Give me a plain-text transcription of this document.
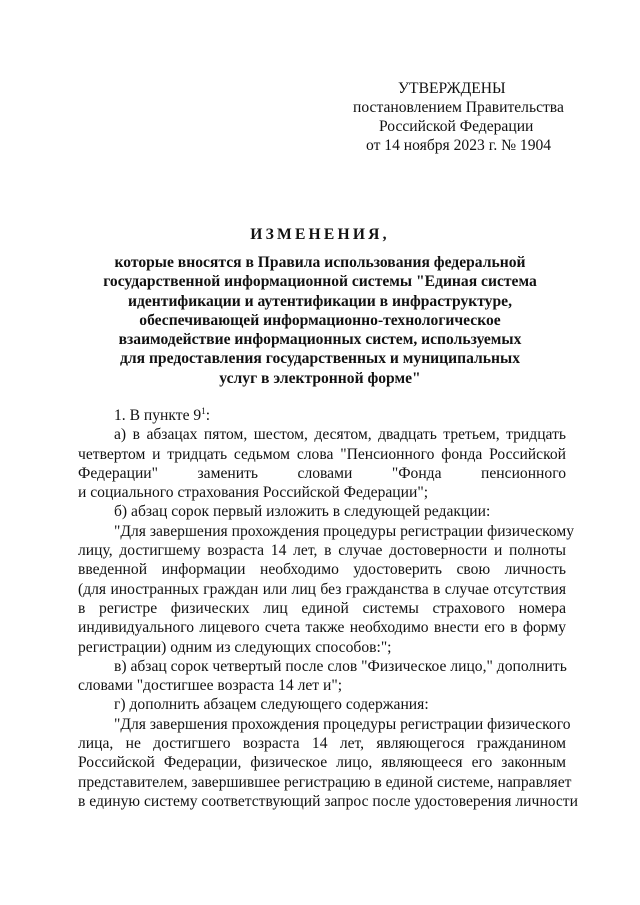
УТВЕРЖДЕНЫ
постановлением Правительства
Российской Федерации
от 14 ноября 2023 г. № 1904
ИЗМЕНЕНИЯ,
которые вносятся в Правила использования федеральной
государственной информационной системы "Единая система
идентификации и аутентификации в инфраструктуре,
обеспечивающей информационно-технологическое
взаимодействие информационных систем, используемых
для предоставления государственных и муниципальных
услуг в электронной форме"

1. В пункте $9^1$:

а) в абзацах пятом, шестом, десятом, двадцать третьем, тридцать
четвертом и тридцать седьмом слова "Пенсионного фонда Российской
Федерации" заменить словами "Фонда пенсионного
и социального страхования Российской Федерации";
б) абзац сорок первый изложить в следующей редакции:
"Для завершения прохождения процедуры регистрации физическому
лицу, достигшему возраста 14 лет, в случае достоверности и полноты
введенной информации необходимо удостоверить свою личность
(для иностранных граждан или лиц без гражданства в случае отсутствия
в регистре физических лиц единой системы страхового номера
индивидуального лицевого счета также необходимо внести его в форму
регистрации) одним из следующих способов:";
в) абзац сорок четвертый после слов "Физическое лицо," дополнить
словами "достигшее возраста 14 лет и";
г) дополнить абзацем следующего содержания:
"Для завершения прохождения процедуры регистрации физического
лица, не достигшего возраста 14 лет, являющегося гражданином
Российской Федерации, физическое лицо, являющееся его законным
представителем, завершившее регистрацию в единой системе, направляет
в единую систему соответствующий запрос после удостоверения личности
